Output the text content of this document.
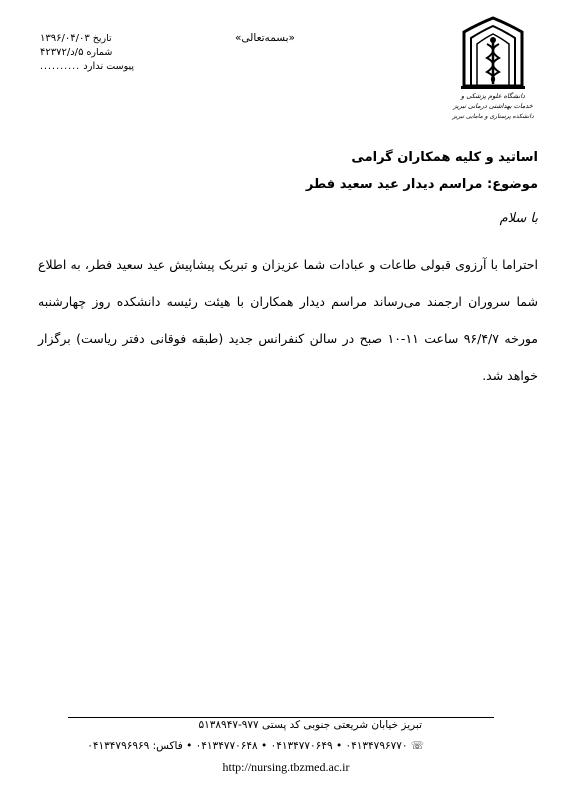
تاریخ
۱۳۹۶/۰۴/۰۳
شماره
۵/د/۴۲۳۷۲
پیوست
ندارد
..........
«بسمه‌تعالی»
دانشگاه علوم پزشکی و
خدمات بهداشتی درمانی تبریز
دانشکده پرستاری و مامایی تبریز
اساتید و کلیه همکاران گرامی
موضوع: مراسم دیدار عید سعید فطر
با سلام
احتراما با آرزوی قبولی طاعات و عبادات شما عزیزان و تبریک پیشاپیش عید سعید فطر، به اطلاع شما سروران ارجمند می‌رساند مراسم دیدار همکاران با هیئت رئیسه دانشکده روز چهارشنبه مورخه ۹۶/۴/۷ ساعت ۱۱-۱۰ صبح در سالن کنفرانس جدید (طبقه فوقانی دفتر ریاست) برگزار خواهد شد.
تبریز خیابان شریعتی جنوبی کد پستی ۹۷۷-۵۱۳۸۹۴۷
☏ ۰۴۱۳۴۷۹۶۷۷۰ • ۰۴۱۳۴۷۷۰۶۴۹ • ۰۴۱۳۴۷۷۰۶۴۸ • فاکس: ۰۴۱۳۴۷۹۶۹۶۹
http://nursing.tbzmed.ac.ir
